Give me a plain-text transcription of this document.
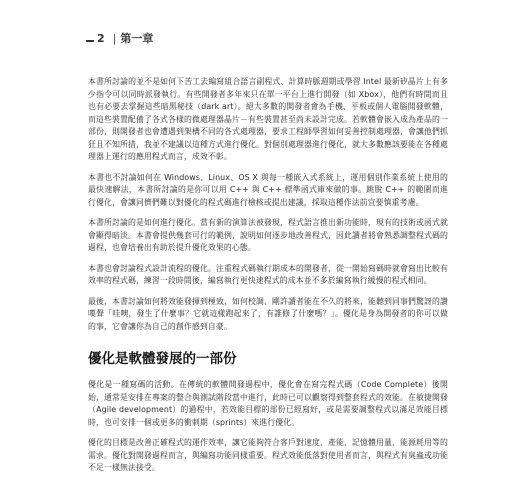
2 | 第一章

本書所討論的並不是如何下苦工去編寫組合語言副程式、計算時脈週期或學習 Intel 最新矽晶片上有多少指令可以同時派發執行。有些開發者多年來只在單一平台上進行開發（如 Xbox），他們有時間而且也有必要去掌握這些暗黑秘技（dark art）。絕大多數的開發者會為手機、平板或個人電腦開發軟體，而這些裝置配備了各式各樣的微處理器晶片－有些裝置甚至尚未設計完成。若軟體會嵌入成為產品的一部份，則開發者也會遭遇到架構不同的各式處理器，要求工程師學習如何妥善控制處理器，會讓他們抓狂且不知所措，我並不建議以這種方式進行優化。對個別處理器進行優化，就大多數應該要能在各種處理器上運行的應用程式而言，成效不彰。

本書也不討論如何在 Windows、Linux、OS X 與每一種嵌入式系統上，運用個別作業系統上使用的最快速解法，本書所討論的是你可以用 C++ 與 C++ 標準函式庫來做的事。跳脫 C++ 的範圍而進行優化，會讓同儕們難以對優化的程式碼進行檢核或提出建議，採取這種作法前宜要慎重考慮。

本書所討論的是如何進行優化。當有新的演算法被發現，程式語言推出新功能時，現有的技術或函式就會顯得暗淡。本書會提供幾套可行的範例，說明如何逐步地改善程式，因此讀者將會熟悉調整程式碼的過程，也會培養出有助於提升優化效果的心態。

本書也會討論程式設計流程的優化。注重程式碼執行期成本的開發者，從一開始寫碼時就會寫出比較有效率的程式碼，練習一段時間後，編寫執行更快速程式的成本並不多於編寫執行緩慢的程式相同。

最後，本書討論如何將效能發揮到極致，如何校調、剛許讀者能在不久的將來，能聽到同事們驚訝的讚嘆聲「哇噢，發生了什麼事？它就這樣跑起來了，有誰修了什麼嗎？」。優化是身為開發者的你可以做的事，它會讓你為自己的創作感到自豪。

優化是軟體發展的一部份

優化是一種寫碼的活動。在傳統的軟體開發過程中，優化會在寫完程式碼（Code Complete）後開始，通常是安排在專案的整合與測試階段當中進行，此時已可以觀察得到整套程式的效能。在敏捷開發（Agile development）的過程中，若效能目標的部份已經寫好，或是需要調整程式以滿足效能目標時，也可安排一個或更多的衝刺期（sprints）來進行優化。

優化的目標是改善正確程式的運作效率，讓它能夠符合客戶對速度、產能、記憶體用量、能源耗用等的需求。優化對開發過程而言，與編寫功能同樣重要。程式效能低落對使用者而言，與程式有臭蟲或功能不足一樣無法接受。
